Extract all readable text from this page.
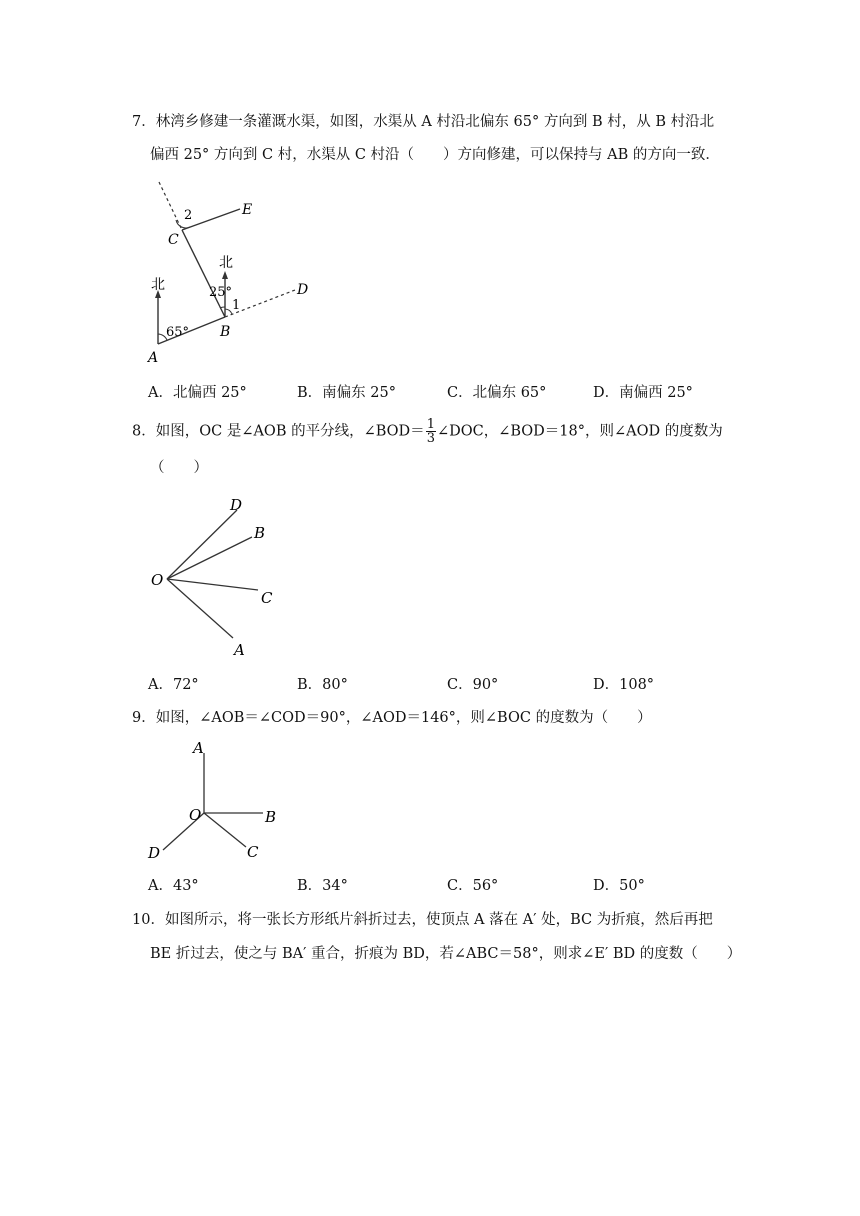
7．林湾乡修建一条灌溉水渠，如图，水渠从 A 村沿北偏东 65° 方向到 B 村，从 B 村沿北
偏西 25° 方向到 C 村，水渠从 C 村沿（　　）方向修建，可以保持与 AB 的方向一致．
北
北
A
B
C
D
E
65°
25°
1
2
A．北偏西 25°	B．南偏东 25°	C．北偏东 65°	D．南偏西 25°
8．如图，OC 是∠AOB 的平分线，∠BOD＝ $\frac{1}{3}$ ∠DOC，∠BOD＝18°，则∠AOD 的度数为
（　　）
O
D
B
C
A
A．72°	B．80°	C．90°	D．108°
9．如图，∠AOB＝∠COD＝90°，∠AOD＝146°，则∠BOC 的度数为（　　）
O
A
B
C
D
A．43°	B．34°	C．56°	D．50°
10．如图所示，将一张长方形纸片斜折过去，使顶点 A 落在 A′ 处，BC 为折痕，然后再把
BE 折过去，使之与 BA′ 重合，折痕为 BD，若∠ABC＝58°，则求∠E′ BD 的度数（　　）
